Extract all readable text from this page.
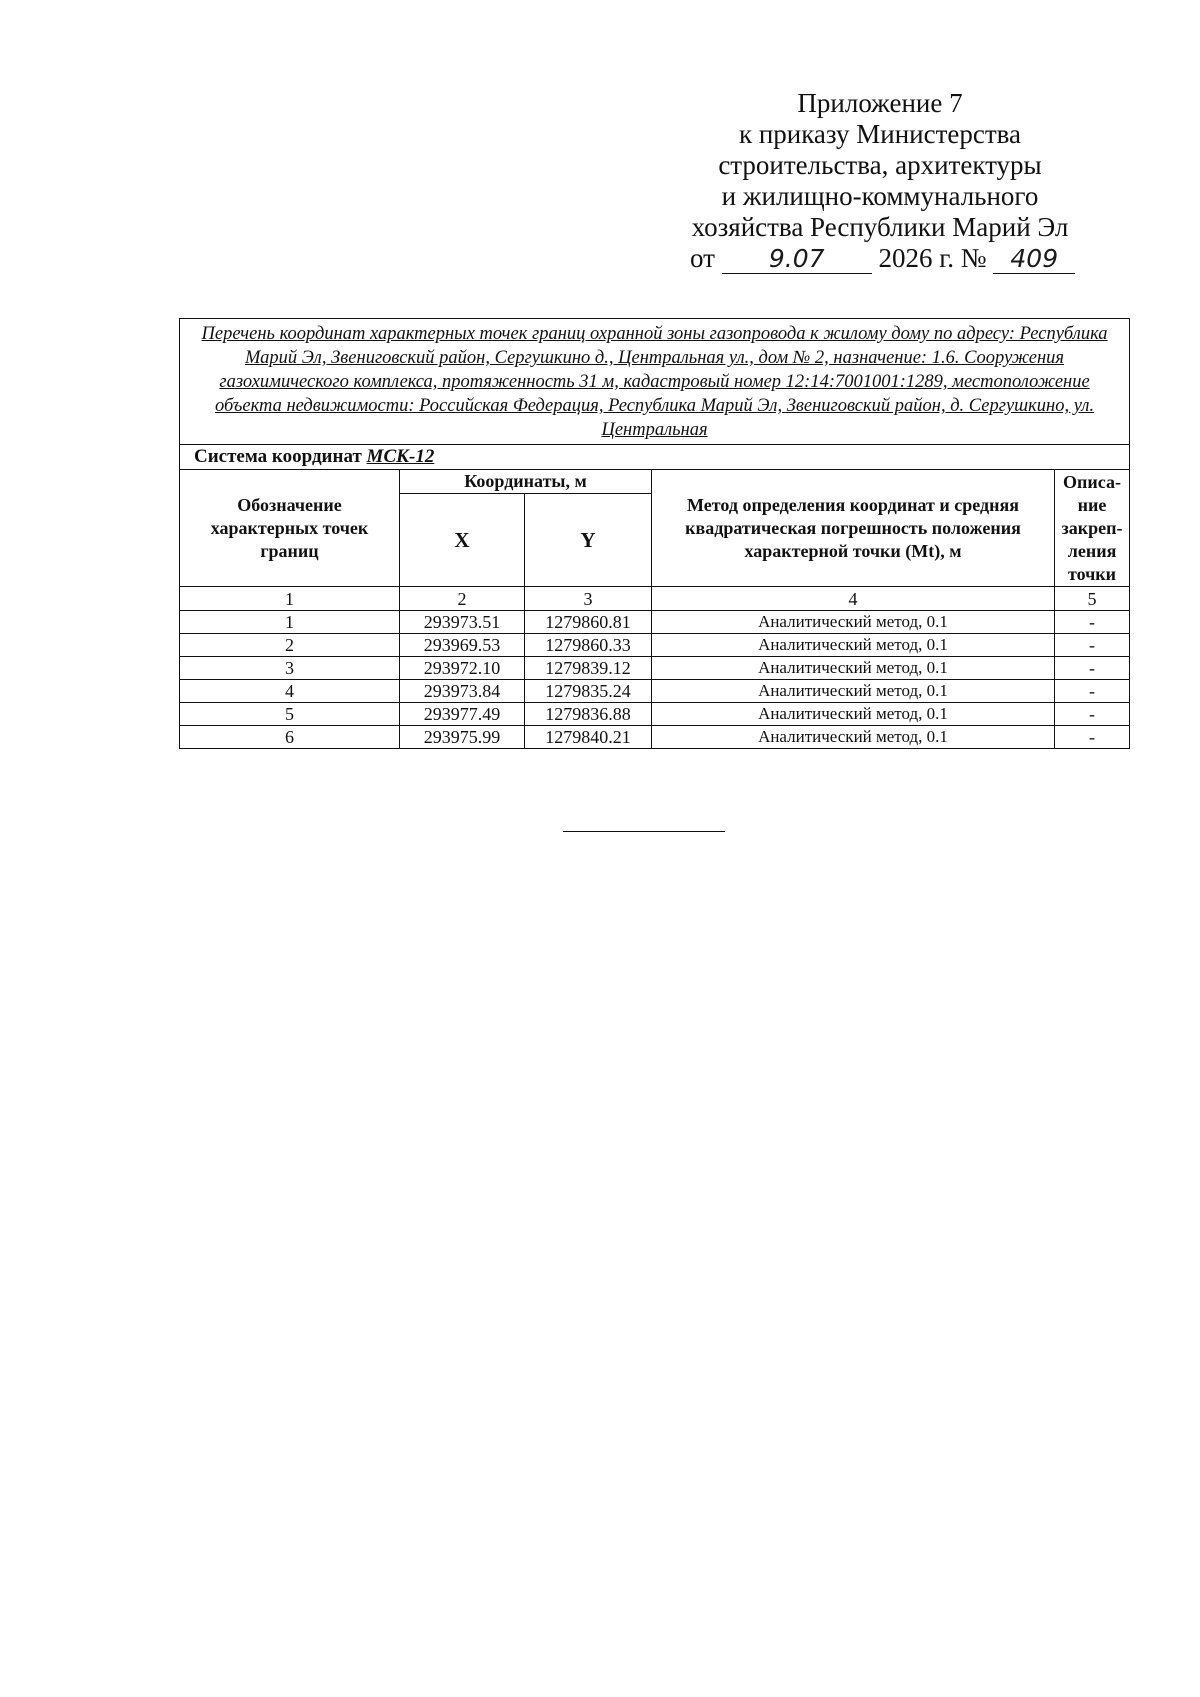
Приложение 7
к приказу Министерства
строительства, архитектуры
и жилищно-коммунального
хозяйства Республики Марий Эл
от 9.07 2026 г. № 409
Перечень координат характерных точек границ охранной зоны газопровода к жилому дому по адресу: Республика Марий Эл, Звениговский район, Сергушкино д., Центральная ул., дом № 2, назначение: 1.6. Сооружения газохимического комплекса, протяженность 31 м, кадастровый номер 12:14:7001001:1289, местоположение объекта недвижимости: Российская Федерация, Республика Марий Эл, Звениговский район, д. Сергушкино, ул. Центральная				
Система координат МСК-12				
Обозначение характерных точек границ	Координаты, м		Метод определения координат и средняя квадратическая погрешность положения характерной точки (Mt), м	Описа-ние закреп-ления точки
	X	Y		
1	2	3	4	5
1	293973.51	1279860.81	Аналитический метод, 0.1	-
2	293969.53	1279860.33	Аналитический метод, 0.1	-
3	293972.10	1279839.12	Аналитический метод, 0.1	-
4	293973.84	1279835.24	Аналитический метод, 0.1	-
5	293977.49	1279836.88	Аналитический метод, 0.1	-
6	293975.99	1279840.21	Аналитический метод, 0.1	-
